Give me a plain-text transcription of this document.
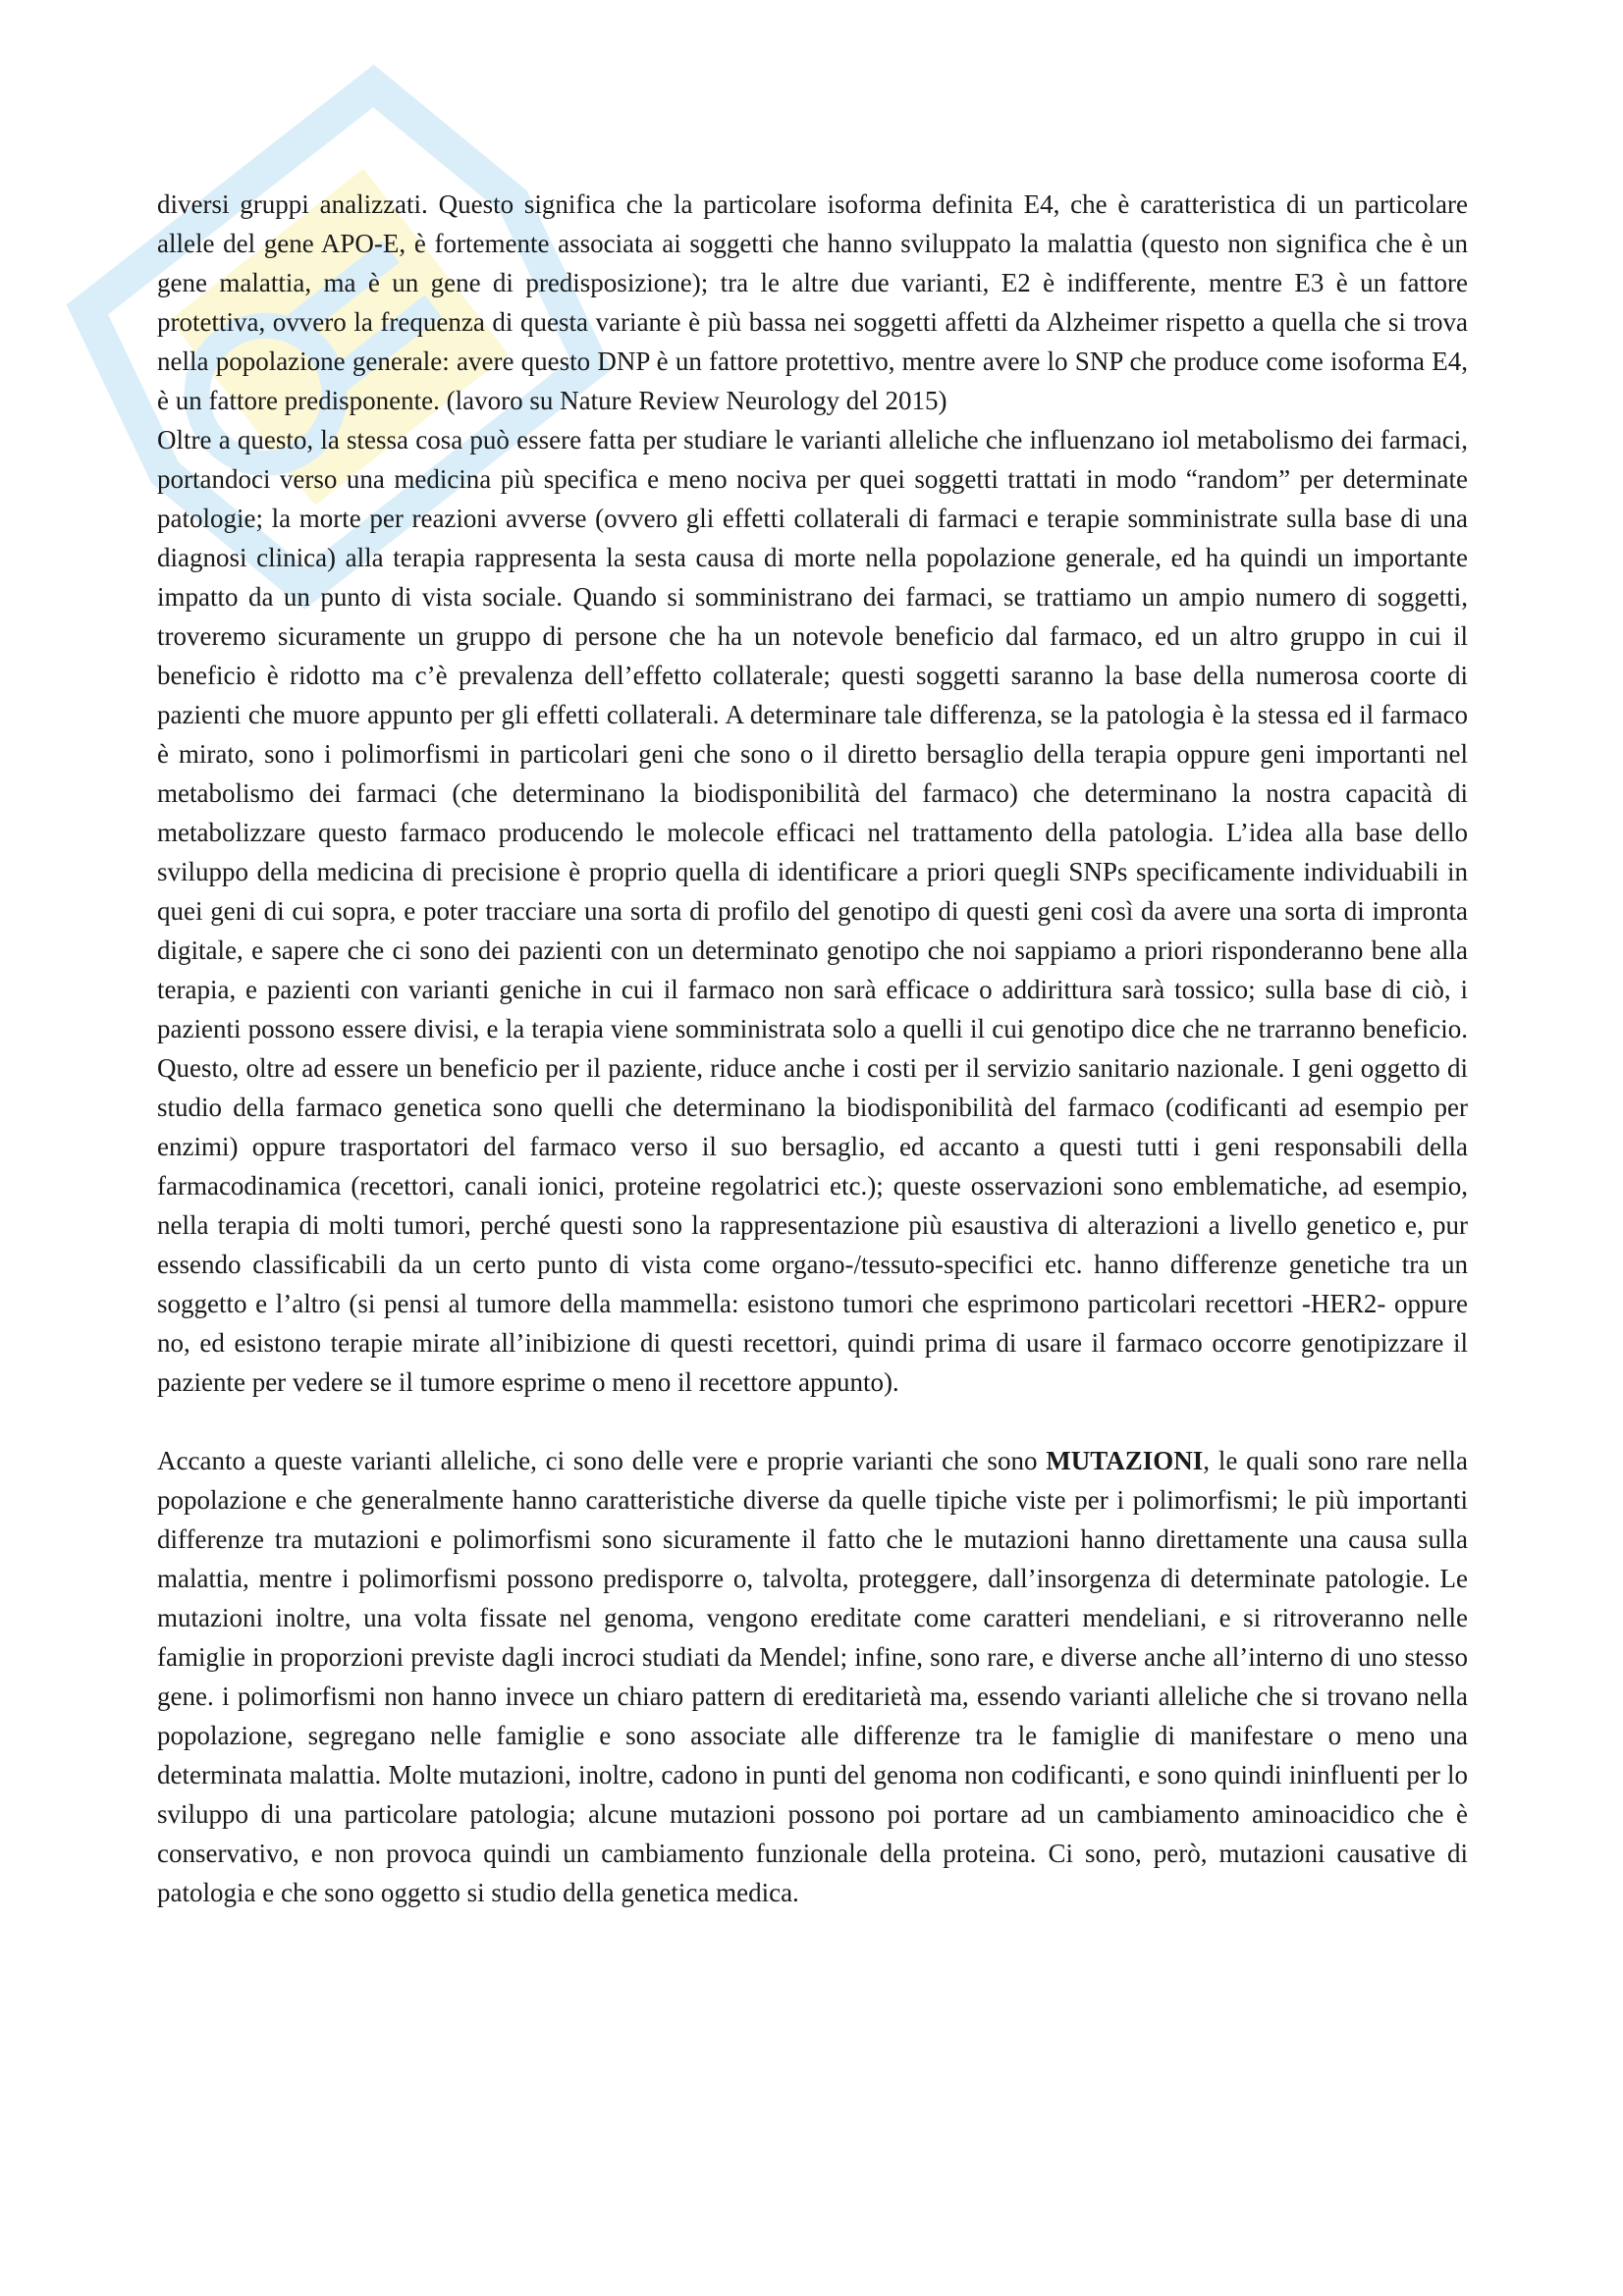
diversi gruppi analizzati. Questo significa che la particolare isoforma definita E4, che è caratteristica di un particolare allele del gene APO-E, è fortemente associata ai soggetti che hanno sviluppato la malattia (questo non significa che è un gene malattia, ma è un gene di predisposizione); tra le altre due varianti, E2 è indifferente, mentre E3 è un fattore protettiva, ovvero la frequenza di questa variante è più bassa nei soggetti affetti da Alzheimer rispetto a quella che si trova nella popolazione generale: avere questo DNP è un fattore protettivo, mentre avere lo SNP che produce come isoforma E4, è un fattore predisponente. (lavoro su Nature Review Neurology del 2015)

Oltre a questo, la stessa cosa può essere fatta per studiare le varianti alleliche che influenzano iol metabolismo dei farmaci, portandoci verso una medicina più specifica e meno nociva per quei soggetti trattati in modo “random” per determinate patologie; la morte per reazioni avverse (ovvero gli effetti collaterali di farmaci e terapie somministrate sulla base di una diagnosi clinica) alla terapia rappresenta la sesta causa di morte nella popolazione generale, ed ha quindi un importante impatto da un punto di vista sociale. Quando si somministrano dei farmaci, se trattiamo un ampio numero di soggetti, troveremo sicuramente un gruppo di persone che ha un notevole beneficio dal farmaco, ed un altro gruppo in cui il beneficio è ridotto ma c’è prevalenza dell’effetto collaterale; questi soggetti saranno la base della numerosa coorte di pazienti che muore appunto per gli effetti collaterali. A determinare tale differenza, se la patologia è la stessa ed il farmaco è mirato, sono i polimorfismi in particolari geni che sono o il diretto bersaglio della terapia oppure geni importanti nel metabolismo dei farmaci (che determinano la biodisponibilità del farmaco) che determinano la nostra capacità di metabolizzare questo farmaco producendo le molecole efficaci nel trattamento della patologia. L’idea alla base dello sviluppo della medicina di precisione è proprio quella di identificare a priori quegli SNPs specificamente individuabili in quei geni di cui sopra, e poter tracciare una sorta di profilo del genotipo di questi geni così da avere una sorta di impronta digitale, e sapere che ci sono dei pazienti con un determinato genotipo che noi sappiamo a priori risponderanno bene alla terapia, e pazienti con varianti geniche in cui il farmaco non sarà efficace o addirittura sarà tossico; sulla base di ciò, i pazienti possono essere divisi, e la terapia viene somministrata solo a quelli il cui genotipo dice che ne trarranno beneficio. Questo, oltre ad essere un beneficio per il paziente, riduce anche i costi per il servizio sanitario nazionale. I geni oggetto di studio della farmaco genetica sono quelli che determinano la biodisponibilità del farmaco (codificanti ad esempio per enzimi) oppure trasportatori del farmaco verso il suo bersaglio, ed accanto a questi tutti i geni responsabili della farmacodinamica (recettori, canali ionici, proteine regolatrici etc.); queste osservazioni sono emblematiche, ad esempio, nella terapia di molti tumori, perché questi sono la rappresentazione più esaustiva di alterazioni a livello genetico e, pur essendo classificabili da un certo punto di vista come organo-/tessuto-specifici etc. hanno differenze genetiche tra un soggetto e l’altro (si pensi al tumore della mammella: esistono tumori che esprimono particolari recettori -HER2- oppure no, ed esistono terapie mirate all’inibizione di questi recettori, quindi prima di usare il farmaco occorre genotipizzare il paziente per vedere se il tumore esprime o meno il recettore appunto).

Accanto a queste varianti alleliche, ci sono delle vere e proprie varianti che sono MUTAZIONI, le quali sono rare nella popolazione e che generalmente hanno caratteristiche diverse da quelle tipiche viste per i polimorfismi; le più importanti differenze tra mutazioni e polimorfismi sono sicuramente il fatto che le mutazioni hanno direttamente una causa sulla malattia, mentre i polimorfismi possono predisporre o, talvolta, proteggere, dall’insorgenza di determinate patologie. Le mutazioni inoltre, una volta fissate nel genoma, vengono ereditate come caratteri mendeliani, e si ritroveranno nelle famiglie in proporzioni previste dagli incroci studiati da Mendel; infine, sono rare, e diverse anche all’interno di uno stesso gene. i polimorfismi non hanno invece un chiaro pattern di ereditarietà ma, essendo varianti alleliche che si trovano nella popolazione, segregano nelle famiglie e sono associate alle differenze tra le famiglie di manifestare o meno una determinata malattia. Molte mutazioni, inoltre, cadono in punti del genoma non codificanti, e sono quindi ininfluenti per lo sviluppo di una particolare patologia; alcune mutazioni possono poi portare ad un cambiamento aminoacidico che è conservativo, e non provoca quindi un cambiamento funzionale della proteina. Ci sono, però, mutazioni causative di patologia e che sono oggetto si studio della genetica medica.
